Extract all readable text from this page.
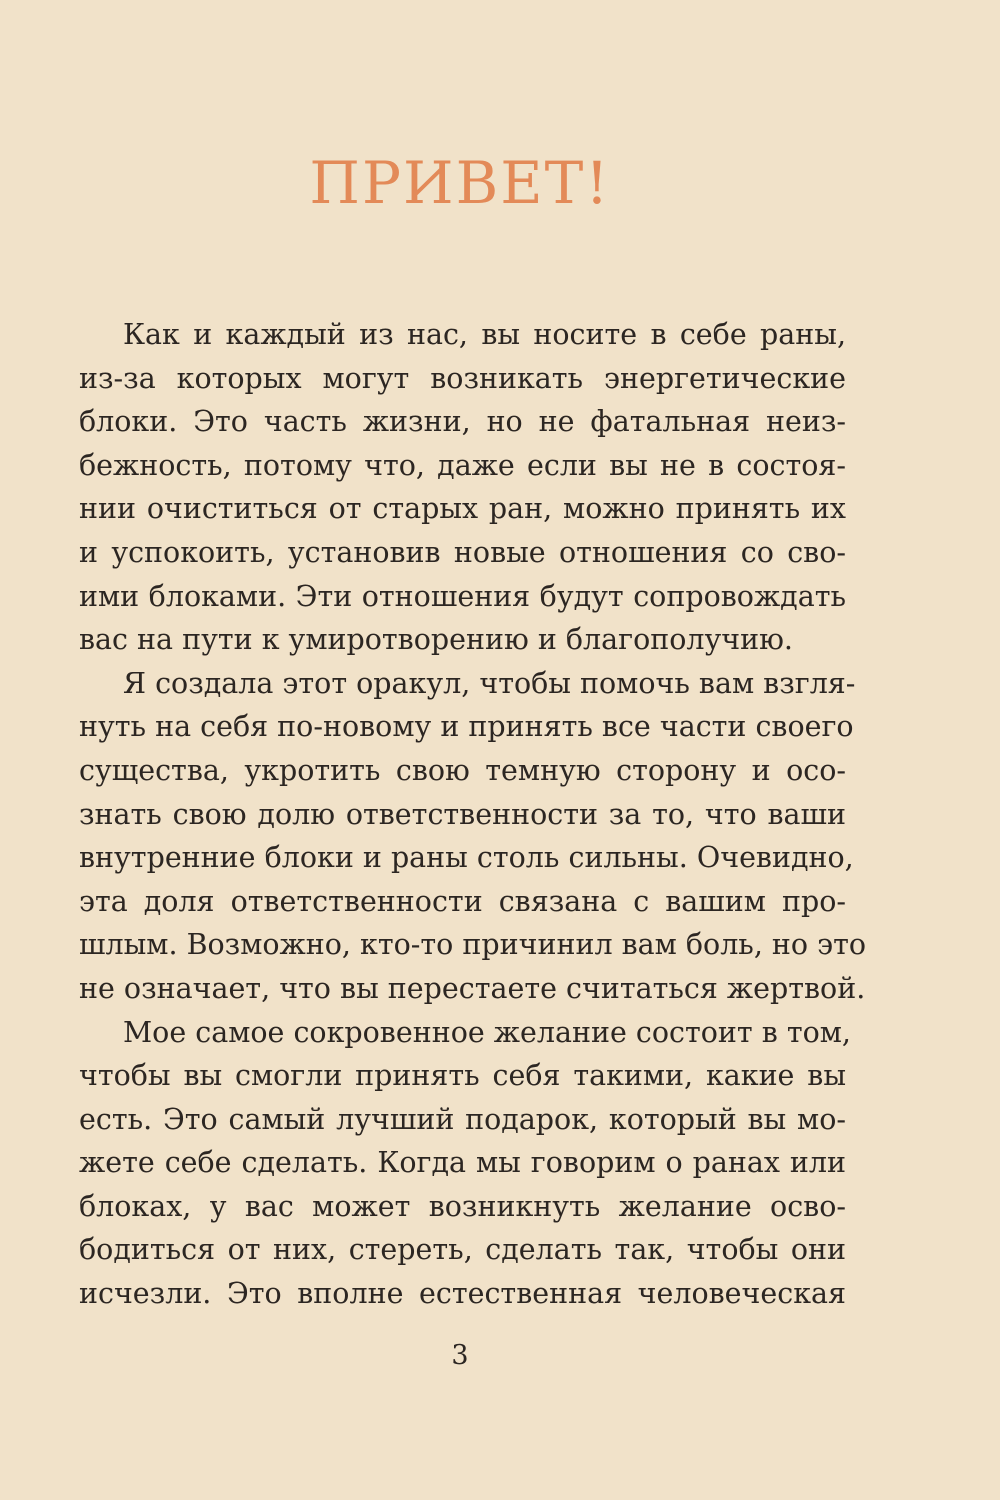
ПРИВЕТ!
Как и каждый из нас, вы носите в себе раны,
из-за которых могут возникать энергетические
блоки. Это часть жизни, но не фатальная неиз-
бежность, потому что, даже если вы не в состоя-
нии очиститься от старых ран, можно принять их
и успокоить, установив новые отношения со сво-
ими блоками. Эти отношения будут сопровождать
вас на пути к умиротворению и благополучию.
Я создала этот оракул, чтобы помочь вам взгля-
нуть на себя по-новому и принять все части своего
существа, укротить свою темную сторону и осо-
знать свою долю ответственности за то, что ваши
внутренние блоки и раны столь сильны. Очевидно,
эта доля ответственности связана с вашим про-
шлым. Возможно, кто-то причинил вам боль, но это
не означает, что вы перестаете считаться жертвой.
Мое самое сокровенное желание состоит в том,
чтобы вы смогли принять себя такими, какие вы
есть. Это самый лучший подарок, который вы мо-
жете себе сделать. Когда мы говорим о ранах или
блоках, у вас может возникнуть желание осво-
бодиться от них, стереть, сделать так, чтобы они
исчезли. Это вполне естественная человеческая
3
